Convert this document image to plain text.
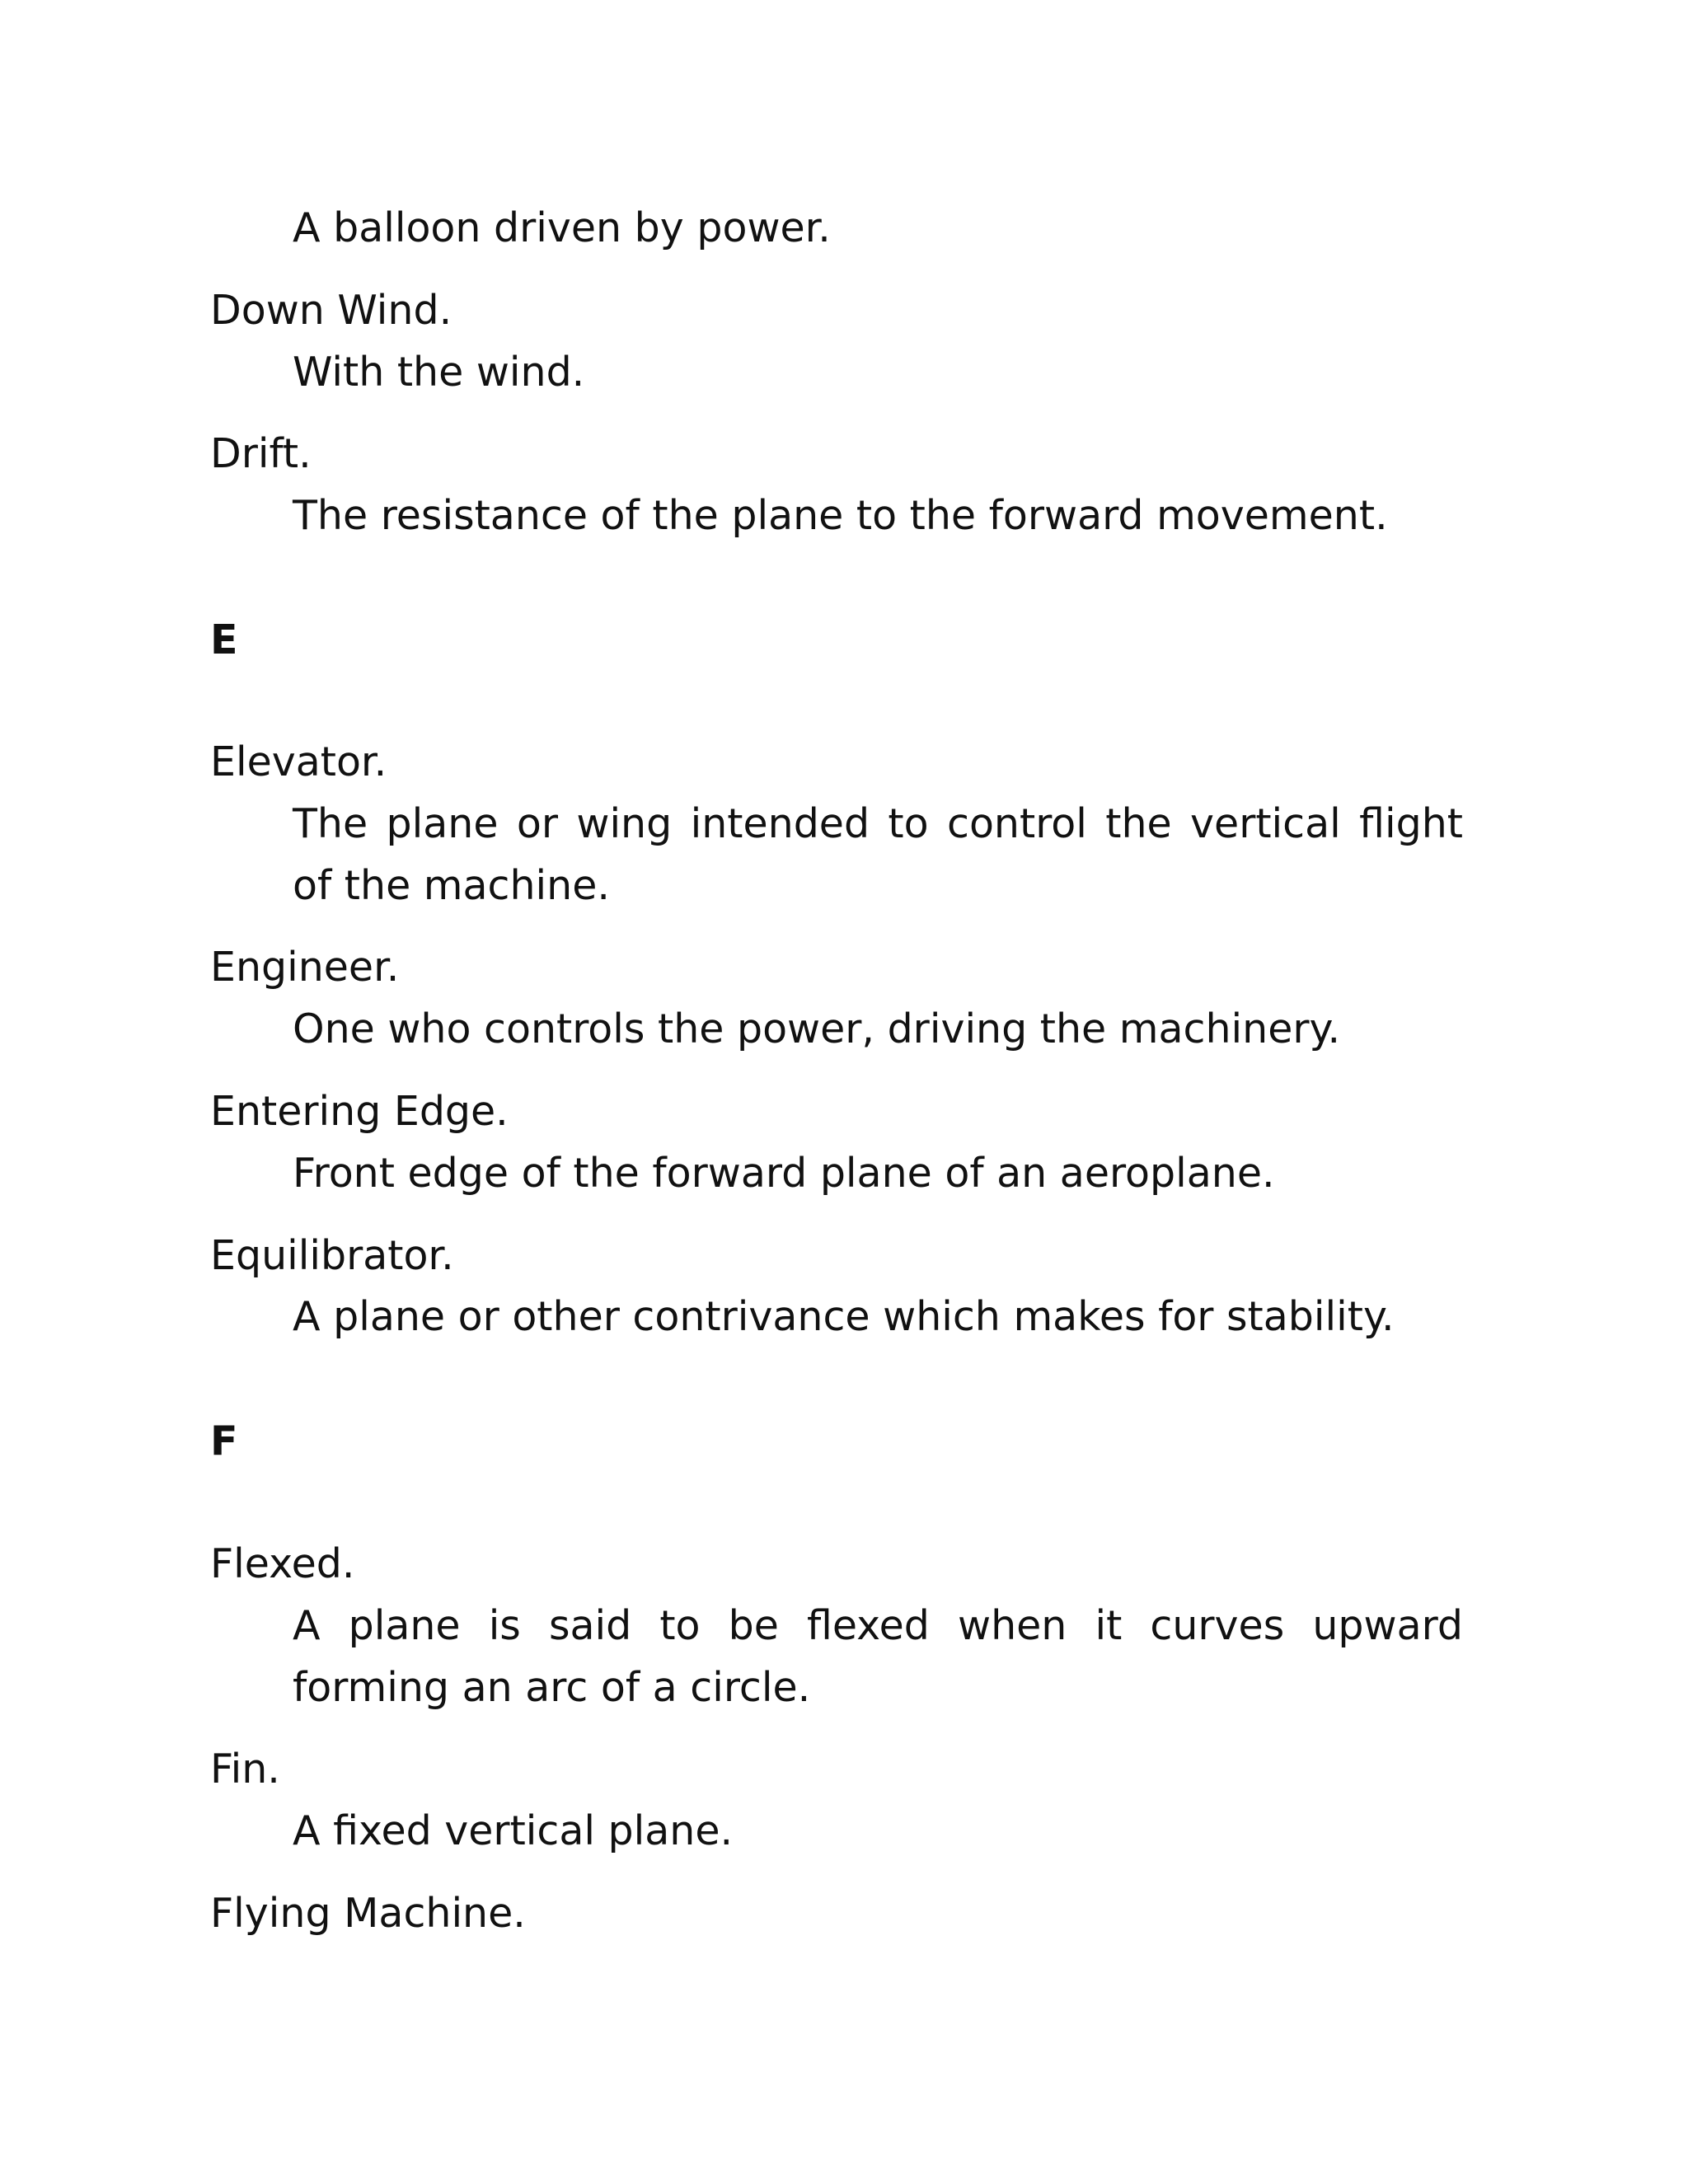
A balloon driven by power.
Down Wind.
With the wind.
Drift.
The resistance of the plane to the forward movement.
E
Elevator.
The plane or wing intended to control the vertical flight of the machine.
Engineer.
One who controls the power, driving the machinery.
Entering Edge.
Front edge of the forward plane of an aeroplane.
Equilibrator.
A plane or other contrivance which makes for stability.
F
Flexed.
A plane is said to be flexed when it curves upward forming an arc of a circle.
Fin.
A fixed vertical plane.
Flying Machine.
